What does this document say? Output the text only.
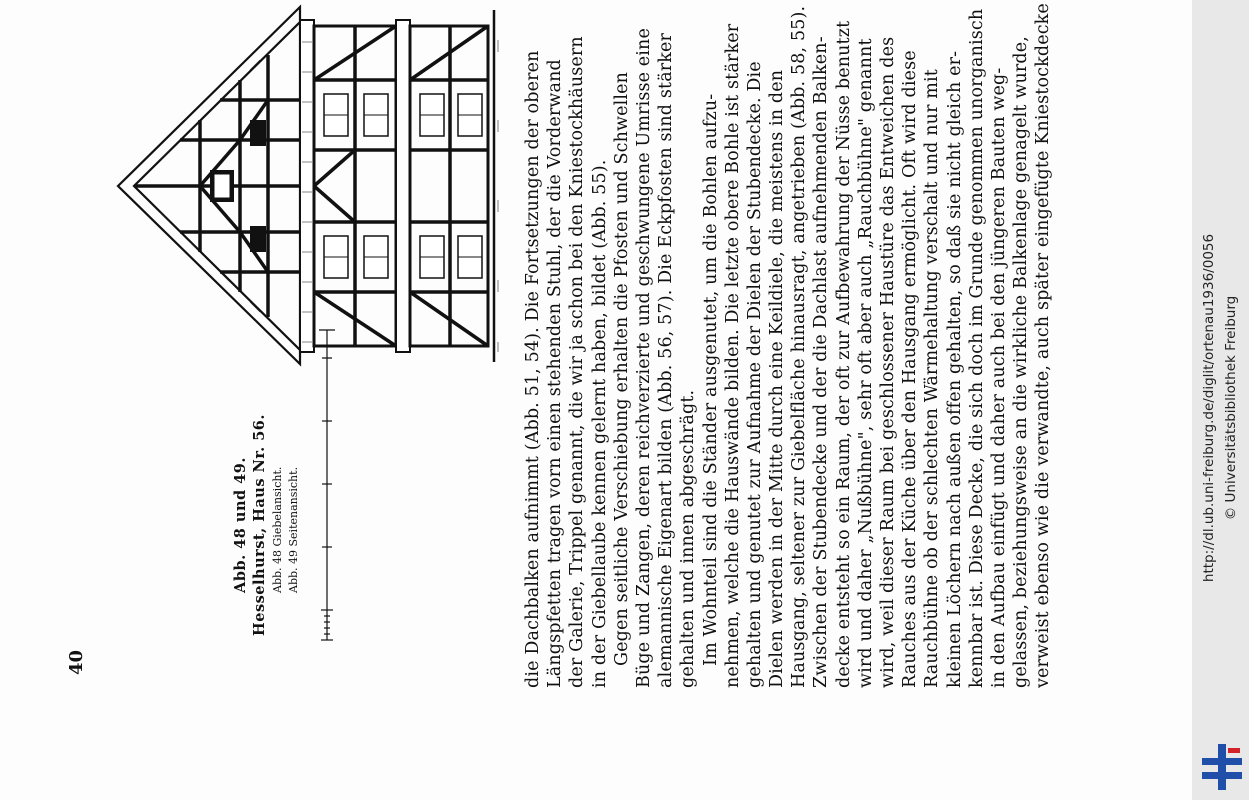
40
Abb. 48 und 49. Hesselhurst, Haus Nr. 56. Abb. 48 Giebelansicht. Abb. 49 Seitenansicht.	die Dachbalken aufnimmt (Abb. 51, 54). Die Fortsetzungen der oberen Längspfetten tragen vorn einen stehenden Stuhl, der die Vorderwand der Galerie, Trippel genannt, die wir ja schon bei den Kniestockhäusern in der Giebellaube kennen gelernt haben, bildet (Abb. 55). Gegen seitliche Verschiebung erhalten die Pfosten und Schwellen Büge und Zangen, deren reichverzierte und geschwungene Umrisse eine alemannische Eigenart bilden (Abb. 56, 57). Die Eckpfosten sind stärker gehalten und innen abgeschrägt. Im Wohnteil sind die Ständer ausgenutet, um die Bohlen aufzu- nehmen, welche die Hauswände bilden. Die letzte obere Bohle ist stärker gehalten und genutet zur Aufnahme der Dielen der Stubendecke. Die Dielen werden in der Mitte durch eine Keildiele, die meistens in den Hausgang, seltener zur Giebelfläche hinausragt, angetrieben (Abb. 58, 55). Zwischen der Stubendecke und der die Dachlast aufnehmenden Balken- decke entsteht so ein Raum, der oft zur Aufbewahrung der Nüsse benutzt wird und daher „Nußbühne", sehr oft aber auch „Rauchbühne" genannt wird, weil dieser Raum bei geschlossener Haustüre das Entweichen des Rauches aus der Küche über den Hausgang ermöglicht. Oft wird diese Rauchbühne ob der schlechten Wärmehaltung verschalt und nur mit kleinen Löchern nach außen offen gehalten, so daß sie nicht gleich er- kennbar ist. Diese Decke, die sich doch im Grunde genommen unorganisch in den Aufbau einfügt und daher auch bei den jüngeren Bauten weg- gelassen, beziehungsweise an die wirkliche Balkenlage genagelt wurde, verweist ebenso wie die verwandte, auch später eingefügte Kniestockdecke	http://dl.ub.uni-freiburg.de/diglit/ortenau1936/0056 © Universitätsbibliothek Freiburg
